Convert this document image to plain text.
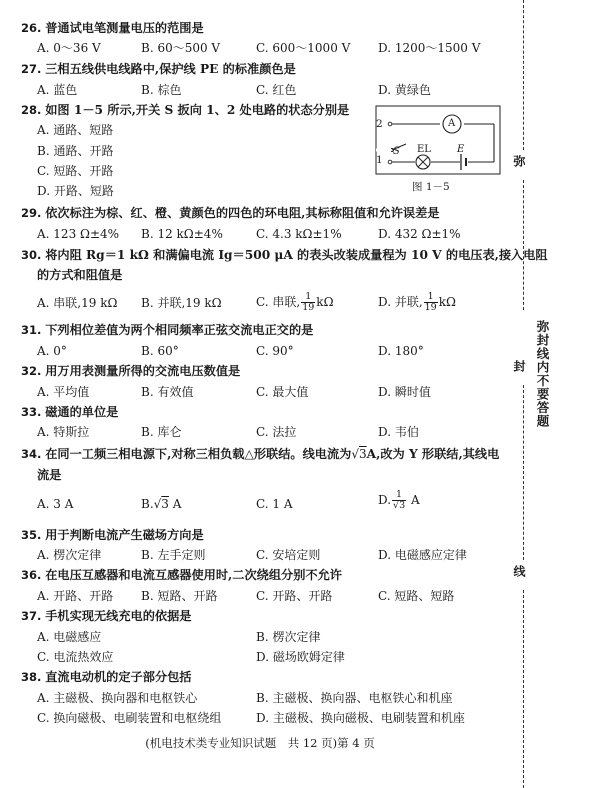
26. 普通试电笔测量电压的范围是
A. 0～36 V	B. 60～500 V	C. 600～1000 V D. 1200～1500 V
27. 三相五线供电线路中,保护线 PE 的标准颜色是
A. 蓝色	B. 棕色	C. 红色	D. 黄绿色
28. 如图 1－5 所示,开关 S 扳向 1、2 处电路的状态分别是
A. 通路、短路
B. 通路、开路
C. 短路、开路
D. 开路、短路
2
1
S EL	E
A
图 1－5
29. 依次标注为棕、红、橙、黄颜色的四色的环电阻,其标称阻值和允许误差是
A. 123 Ω±4% B. 12 kΩ±4%	C. 4.3 kΩ±1%	D. 432 Ω±1%
30. 将内阻 Rg＝1 kΩ 和满偏电流 Ig＝500 μA 的表头改装成量程为 10 V 的电压表,接入电阻
的方式和阻值是
A. 串联,19 kΩ B. 并联,19 kΩ	C. 串联, $\frac{1}{19}$ kΩ	D. 并联, $\frac{1}{19}$ kΩ
31. 下列相位差值为两个相同频率正弦交流电正交的是
A. 0°	B. 60°	C. 90°	D. 180°
32. 用万用表测量所得的交流电压数值是
A. 平均值	B. 有效值	C. 最大值	D. 瞬时值
33. 磁通的单位是
A. 特斯拉	B. 库仑	C. 法拉	D. 韦伯
34. 在同一工频三相电源下,对称三相负载△形联结。线电流为√3A,改为 Y 形联结,其线电
流是
A. 3 A	B.√3 A	C. 1 A	D. $\frac{1}{√3}$ A
35. 用于判断电流产生磁场方向是
A. 楞次定律	B. 左手定则	C. 安培定则	D. 电磁感应定律
36. 在电压互感器和电流互感器使用时,二次绕组分别不允许
A. 开路、开路 B. 短路、开路	C. 开路、开路	C. 短路、短路
37. 手机实现无线充电的依据是
A. 电磁感应	B. 楞次定律
C. 电流热效应	D. 磁场欧姆定律
38. 直流电动机的定子部分包括
A. 主磁极、换向器和电枢铁心	B. 主磁极、换向器、电枢铁心和机座
C. 换向磁极、电刷装置和电枢绕组	D. 主磁极、换向磁极、电刷装置和机座
(机电技术类专业知识试题　共 12 页)第 4 页
弥
弥封线内不要答题
封
线
